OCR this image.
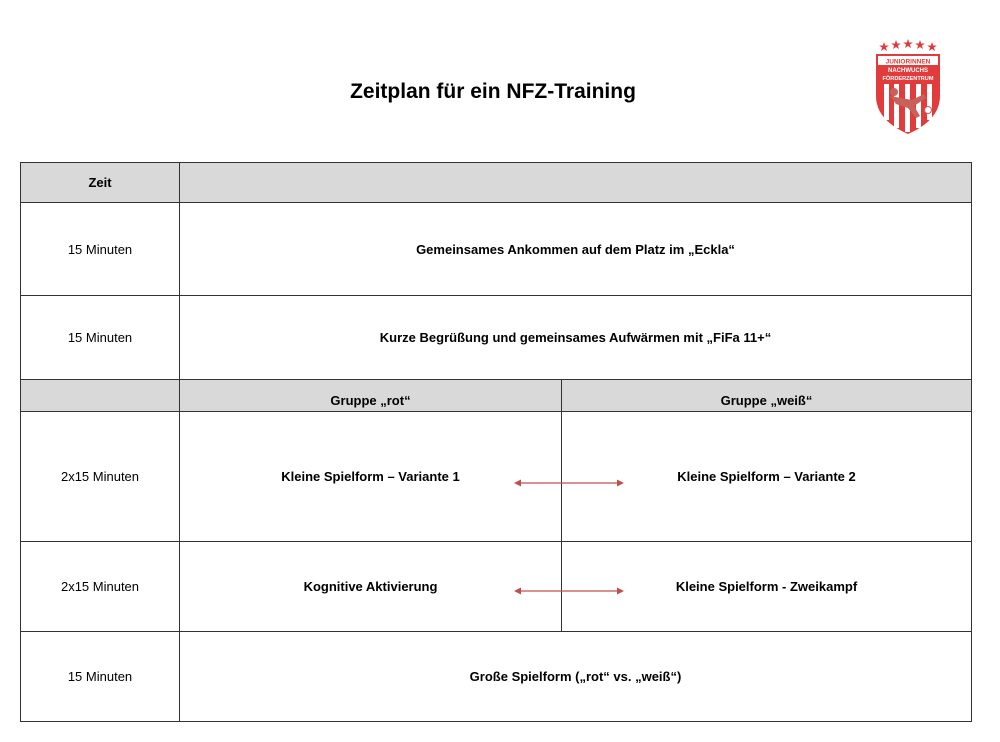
Zeitplan für ein NFZ-Training
JUNIORINNEN
NACHWUCHS
FÖRDERZENTRUM
Zeit		
15 Minuten	Gemeinsames Ankommen auf dem Platz im „Eckla“	
15 Minuten	Kurze Begrüßung und gemeinsames Aufwärmen mit „FiFa 11+“	
	Gruppe „rot“	Gruppe „weiß“
2x15 Minuten	Kleine Spielform – Variante 1	Kleine Spielform – Variante 2
2x15 Minuten	Kognitive Aktivierung	Kleine Spielform - Zweikampf
15 Minuten	Große Spielform („rot“ vs. „weiß“)	
